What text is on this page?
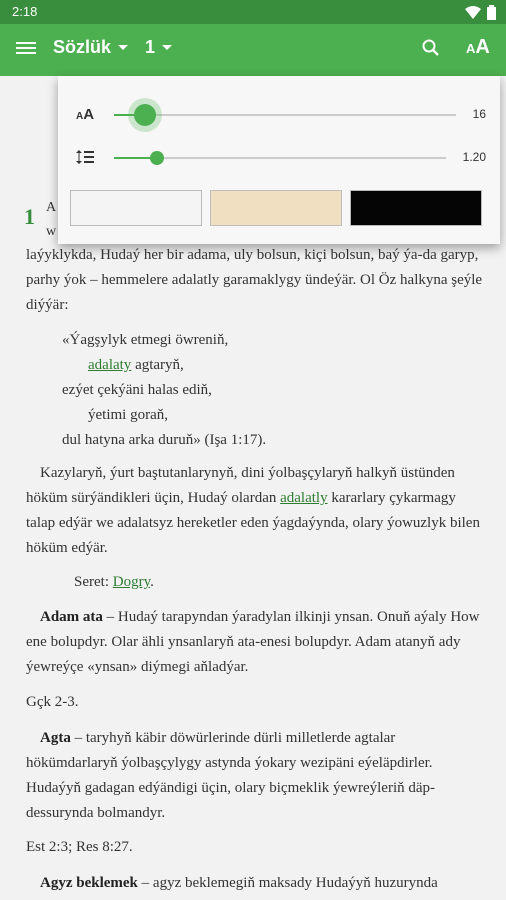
2:18
Sözlük 1	AA
A
w
1

laýyklykda, Hudaý her bir adama, uly bolsun, kiçi bolsun, baý ýa-da garyp, parhy ýok – hemmelere adalatly garamaklygy ündeýär. Ol Öz halkyna şeýle diýýär:

«Ýagşylyk etmegi öwreniň,
adalaty agtaryň,
ezýet çekýäni halas ediň,
ýetimi goraň,
dul hatyna arka duruň» (Işa 1:17).

Kazylaryň, ýurt baştutanlarynyň, dini ýolbaşçylaryň halkyň üstünden höküm sürýändikleri üçin, Hudaý olardan adalatly kararlary çykarmagy talap edýär we adalatsyz hereketler eden ýagdaýynda, olary ýowuzlyk bilen höküm edýär.

Seret: Dogry.

Adam ata – Hudaý tarapyndan ýaradylan ilkinji ynsan. Onuň aýaly How ene bolupdyr. Olar ähli ynsanlaryň ata-enesi bolupdyr. Adam atanyň ady ýewreýçe «ynsan» diýmegi aňladýar.

Gçk 2-3.

Agta – taryhyň käbir döwürlerinde dürli milletlerde agtalar hökümdarlaryň ýolbaşçylygy astynda ýokary wezipäni eýeläpdirler. Hudaýyň gadagan edýändigi üçin, olary biçmeklik ýewreýleriň däp-dessurynda bolmandyr.

Est 2:3; Res 8:27.

Agyz beklemek – agyz beklemegiň maksady Hudaýyň huzurynda

AA	16
1.20
